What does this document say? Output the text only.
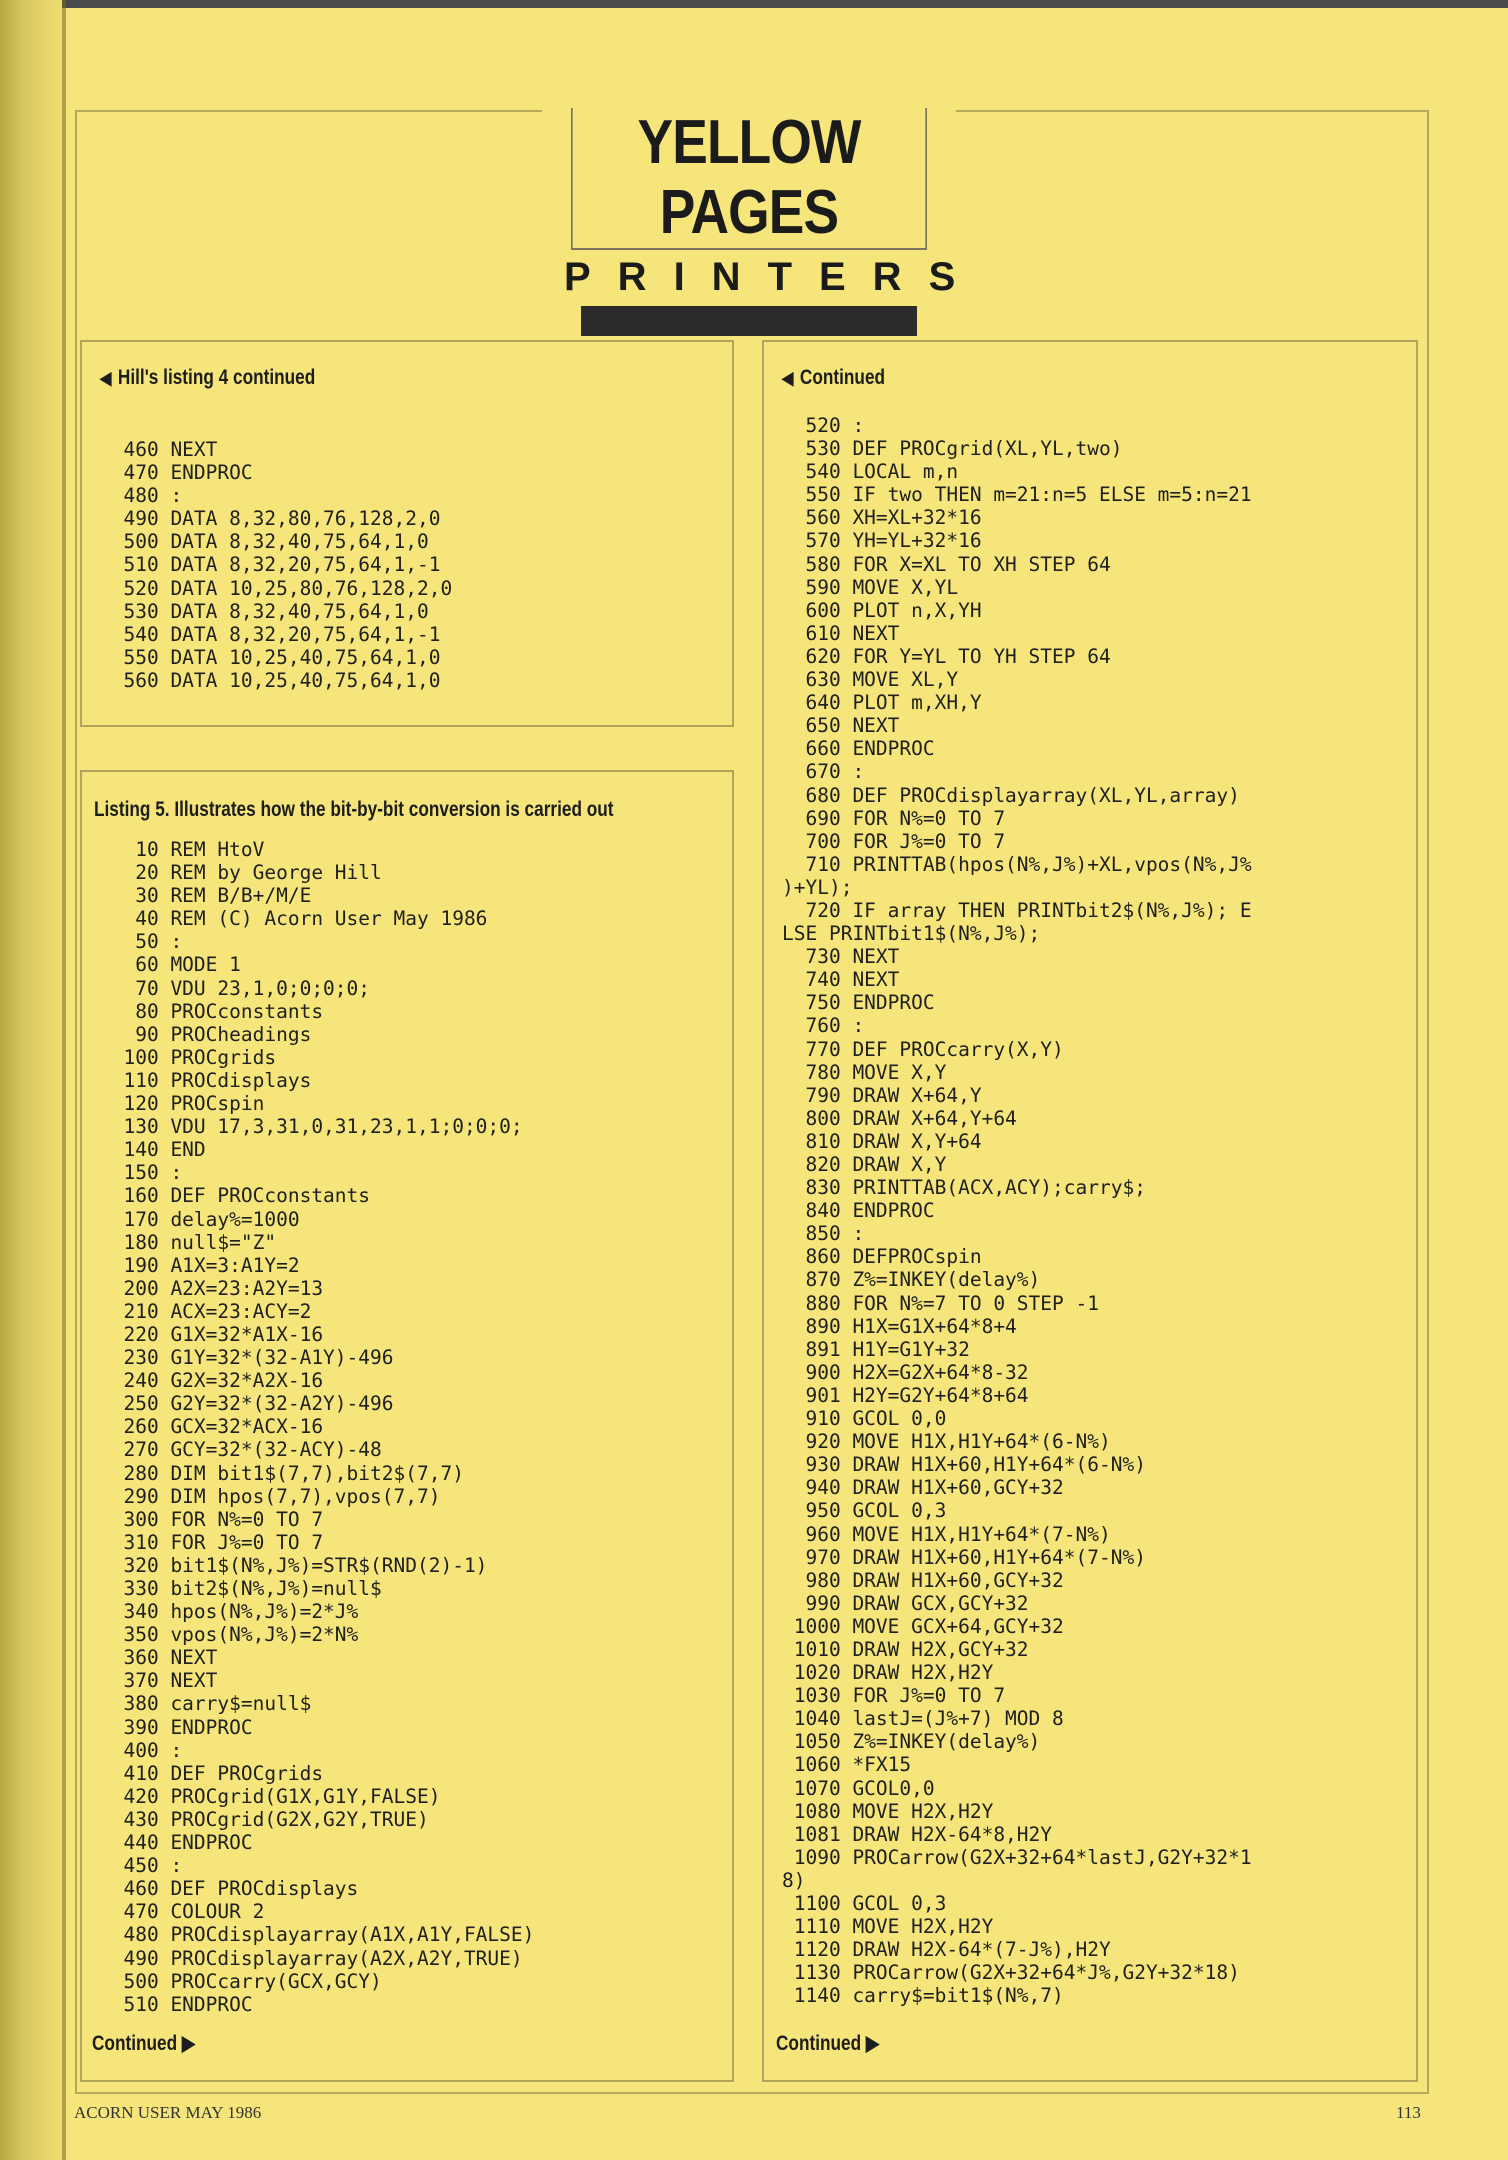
YELLOW PAGES
PRINTERS
◀ Hill's listing 4 continued
460 NEXT
470 ENDPROC
480 :
490 DATA 8,32,80,76,128,2,0
500 DATA 8,32,40,75,64,1,0
510 DATA 8,32,20,75,64,1,-1
520 DATA 10,25,80,76,128,2,0
530 DATA 8,32,40,75,64,1,0
540 DATA 8,32,20,75,64,1,-1
550 DATA 10,25,40,75,64,1,0
560 DATA 10,25,40,75,64,1,0
Listing 5. Illustrates how the bit-by-bit conversion is carried out
10 REM HtoV
20 REM by George Hill
30 REM B/B+/M/E
40 REM (C) Acorn User May 1986
50 :
60 MODE 1
70 VDU 23,1,0;0;0;0;
80 PROCconstants
90 PROCheadings
100 PROCgrids
110 PROCdisplays
120 PROCspin
130 VDU 17,3,31,0,31,23,1,1;0;0;0;
140 END
150 :
160 DEF PROCconstants
170 delay%=1000
180 null$="Z"
190 A1X=3:A1Y=2
200 A2X=23:A2Y=13
210 ACX=23:ACY=2
220 G1X=32*A1X-16
230 G1Y=32*(32-A1Y)-496
240 G2X=32*A2X-16
250 G2Y=32*(32-A2Y)-496
260 GCX=32*ACX-16
270 GCY=32*(32-ACY)-48
280 DIM bit1$(7,7),bit2$(7,7)
290 DIM hpos(7,7),vpos(7,7)
300 FOR N%=0 TO 7
310 FOR J%=0 TO 7
320 bit1$(N%,J%)=STR$(RND(2)-1)
330 bit2$(N%,J%)=null$
340 hpos(N%,J%)=2*J%
350 vpos(N%,J%)=2*N%
360 NEXT
370 NEXT
380 carry$=null$
390 ENDPROC
400 :
410 DEF PROCgrids
420 PROCgrid(G1X,G1Y,FALSE)
430 PROCgrid(G2X,G2Y,TRUE)
440 ENDPROC
450 :
460 DEF PROCdisplays
470 COLOUR 2
480 PROCdisplayarray(A1X,A1Y,FALSE)
490 PROCdisplayarray(A2X,A2Y,TRUE)
500 PROCcarry(GCX,GCY)
510 ENDPROC
Continued ▶
◀ Continued
520 :
530 DEF PROCgrid(XL,YL,two)
540 LOCAL m,n
550 IF two THEN m=21:n=5 ELSE m=5:n=21
560 XH=XL+32*16
570 YH=YL+32*16
580 FOR X=XL TO XH STEP 64
590 MOVE X,YL
600 PLOT n,X,YH
610 NEXT
620 FOR Y=YL TO YH STEP 64
630 MOVE XL,Y
640 PLOT m,XH,Y
650 NEXT
660 ENDPROC
670 :
680 DEF PROCdisplayarray(XL,YL,array)
690 FOR N%=0 TO 7
700 FOR J%=0 TO 7
710 PRINTTAB(hpos(N%,J%)+XL,vpos(N%,J%
)+YL);
720 IF array THEN PRINTbit2$(N%,J%); E
LSE PRINTbit1$(N%,J%);
730 NEXT
740 NEXT
750 ENDPROC
760 :
770 DEF PROCcarry(X,Y)
780 MOVE X,Y
790 DRAW X+64,Y
800 DRAW X+64,Y+64
810 DRAW X,Y+64
820 DRAW X,Y
830 PRINTTAB(ACX,ACY);carry$;
840 ENDPROC
850 :
860 DEFPROCspin
870 Z%=INKEY(delay%)
880 FOR N%=7 TO 0 STEP -1
890 H1X=G1X+64*8+4
891 H1Y=G1Y+32
900 H2X=G2X+64*8-32
901 H2Y=G2Y+64*8+64
910 GCOL 0,0
920 MOVE H1X,H1Y+64*(6-N%)
930 DRAW H1X+60,H1Y+64*(6-N%)
940 DRAW H1X+60,GCY+32
950 GCOL 0,3
960 MOVE H1X,H1Y+64*(7-N%)
970 DRAW H1X+60,H1Y+64*(7-N%)
980 DRAW H1X+60,GCY+32
990 DRAW GCX,GCY+32
1000 MOVE GCX+64,GCY+32
1010 DRAW H2X,GCY+32
1020 DRAW H2X,H2Y
1030 FOR J%=0 TO 7
1040 lastJ=(J%+7) MOD 8
1050 Z%=INKEY(delay%)
1060 *FX15
1070 GCOL0,0
1080 MOVE H2X,H2Y
1081 DRAW H2X-64*8,H2Y
1090 PROCarrow(G2X+32+64*lastJ,G2Y+32*1
8)
1100 GCOL 0,3
1110 MOVE H2X,H2Y
1120 DRAW H2X-64*(7-J%),H2Y
1130 PROCarrow(G2X+32+64*J%,G2Y+32*18)
1140 carry$=bit1$(N%,7)
Continued ▶
ACORN USER MAY 1986	113
